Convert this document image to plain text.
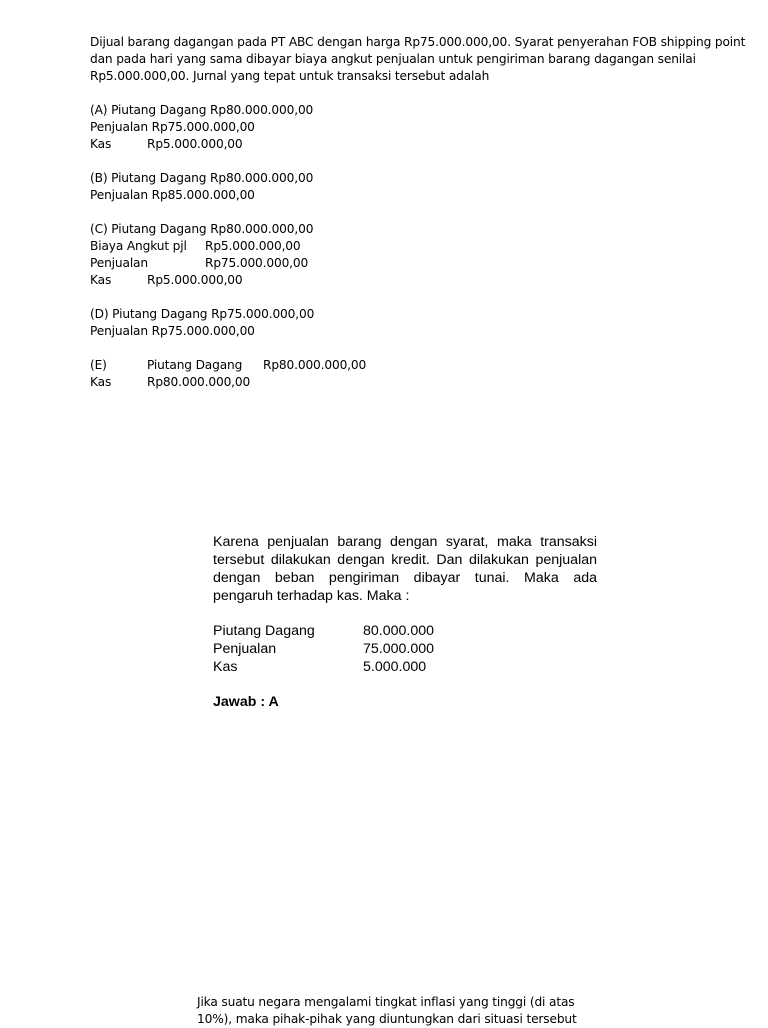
Dijual barang dagangan pada PT ABC dengan harga Rp75.000.000,00. Syarat penyerahan FOB shipping point dan pada hari yang sama dibayar biaya angkut penjualan untuk pengiriman barang dagangan senilai Rp5.000.000,00. Jurnal yang tepat untuk transaksi tersebut adalah

(A) Piutang Dagang Rp80.000.000,00
Penjualan Rp75.000.000,00
Kas	Rp5.000.000,00
(B) Piutang Dagang Rp80.000.000,00
Penjualan Rp85.000.000,00
(C) Piutang Dagang Rp80.000.000,00
Biaya Angkut pjl	Rp5.000.000,00
Penjualan	Rp75.000.000,00
Kas	Rp5.000.000,00
(D) Piutang Dagang Rp75.000.000,00
Penjualan Rp75.000.000,00
(E)	Piutang Dagang	Rp80.000.000,00
Kas	Rp80.000.000,00

Karena penjualan barang dengan syarat, maka transaksi tersebut dilakukan dengan kredit. Dan dilakukan penjualan dengan beban pengiriman dibayar tunai. Maka ada pengaruh terhadap kas. Maka :

Piutang Dagang	80.000.000
Penjualan	75.000.000
Kas	5.000.000
Jawab : A
Jika suatu negara mengalami tingkat inflasi yang tinggi (di atas 10%), maka pihak-pihak yang diuntungkan dari situasi tersebut
